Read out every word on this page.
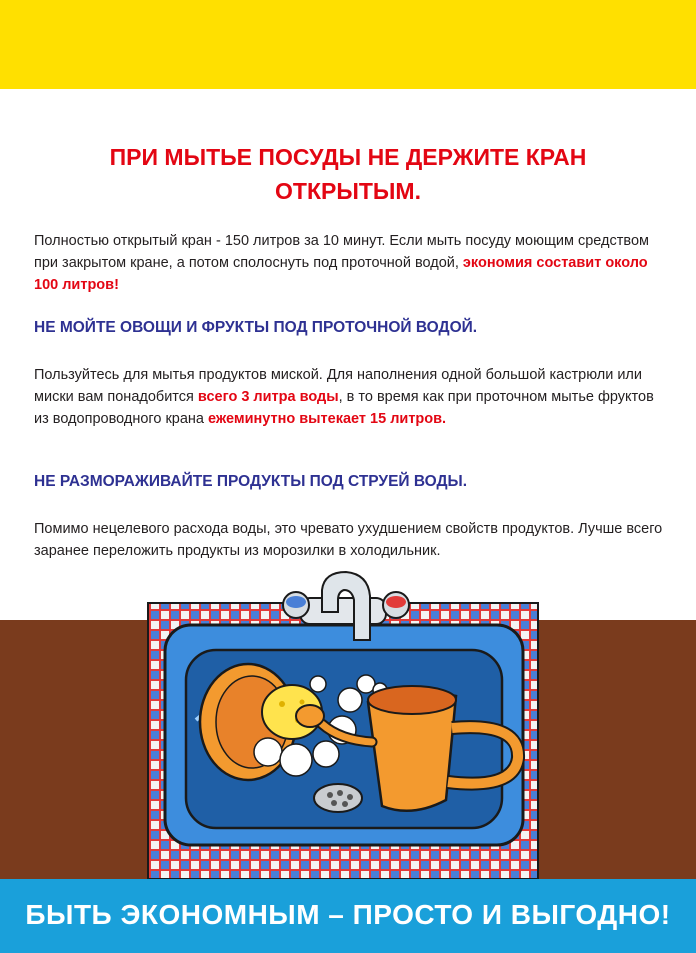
ПРИ МЫТЬЕ ПОСУДЫ НЕ ДЕРЖИТЕ КРАН ОТКРЫТЫМ.

Полностью открытый кран - 150 литров за 10 минут. Если мыть посуду моющим средством при закрытом кране, а потом сполоснуть под проточной водой, экономия составит около 100 литров!

НЕ МОЙТЕ ОВОЩИ И ФРУКТЫ ПОД ПРОТОЧНОЙ ВОДОЙ.

Пользуйтесь для мытья продуктов миской. Для наполнения одной большой кастрюли или миски вам понадобится всего 3 литра воды, в то время как при проточном мытье фруктов из водопроводного крана ежеминутно вытекает 15 литров.

НЕ РАЗМОРАЖИВАЙТЕ ПРОДУКТЫ ПОД СТРУЕЙ ВОДЫ.

Помимо нецелевого расхода воды, это чревато ухудшением свойств продуктов. Лучше всего заранее переложить продукты из морозилки в холодильник.

БЫТЬ ЭКОНОМНЫМ – ПРОСТО И ВЫГОДНО!
